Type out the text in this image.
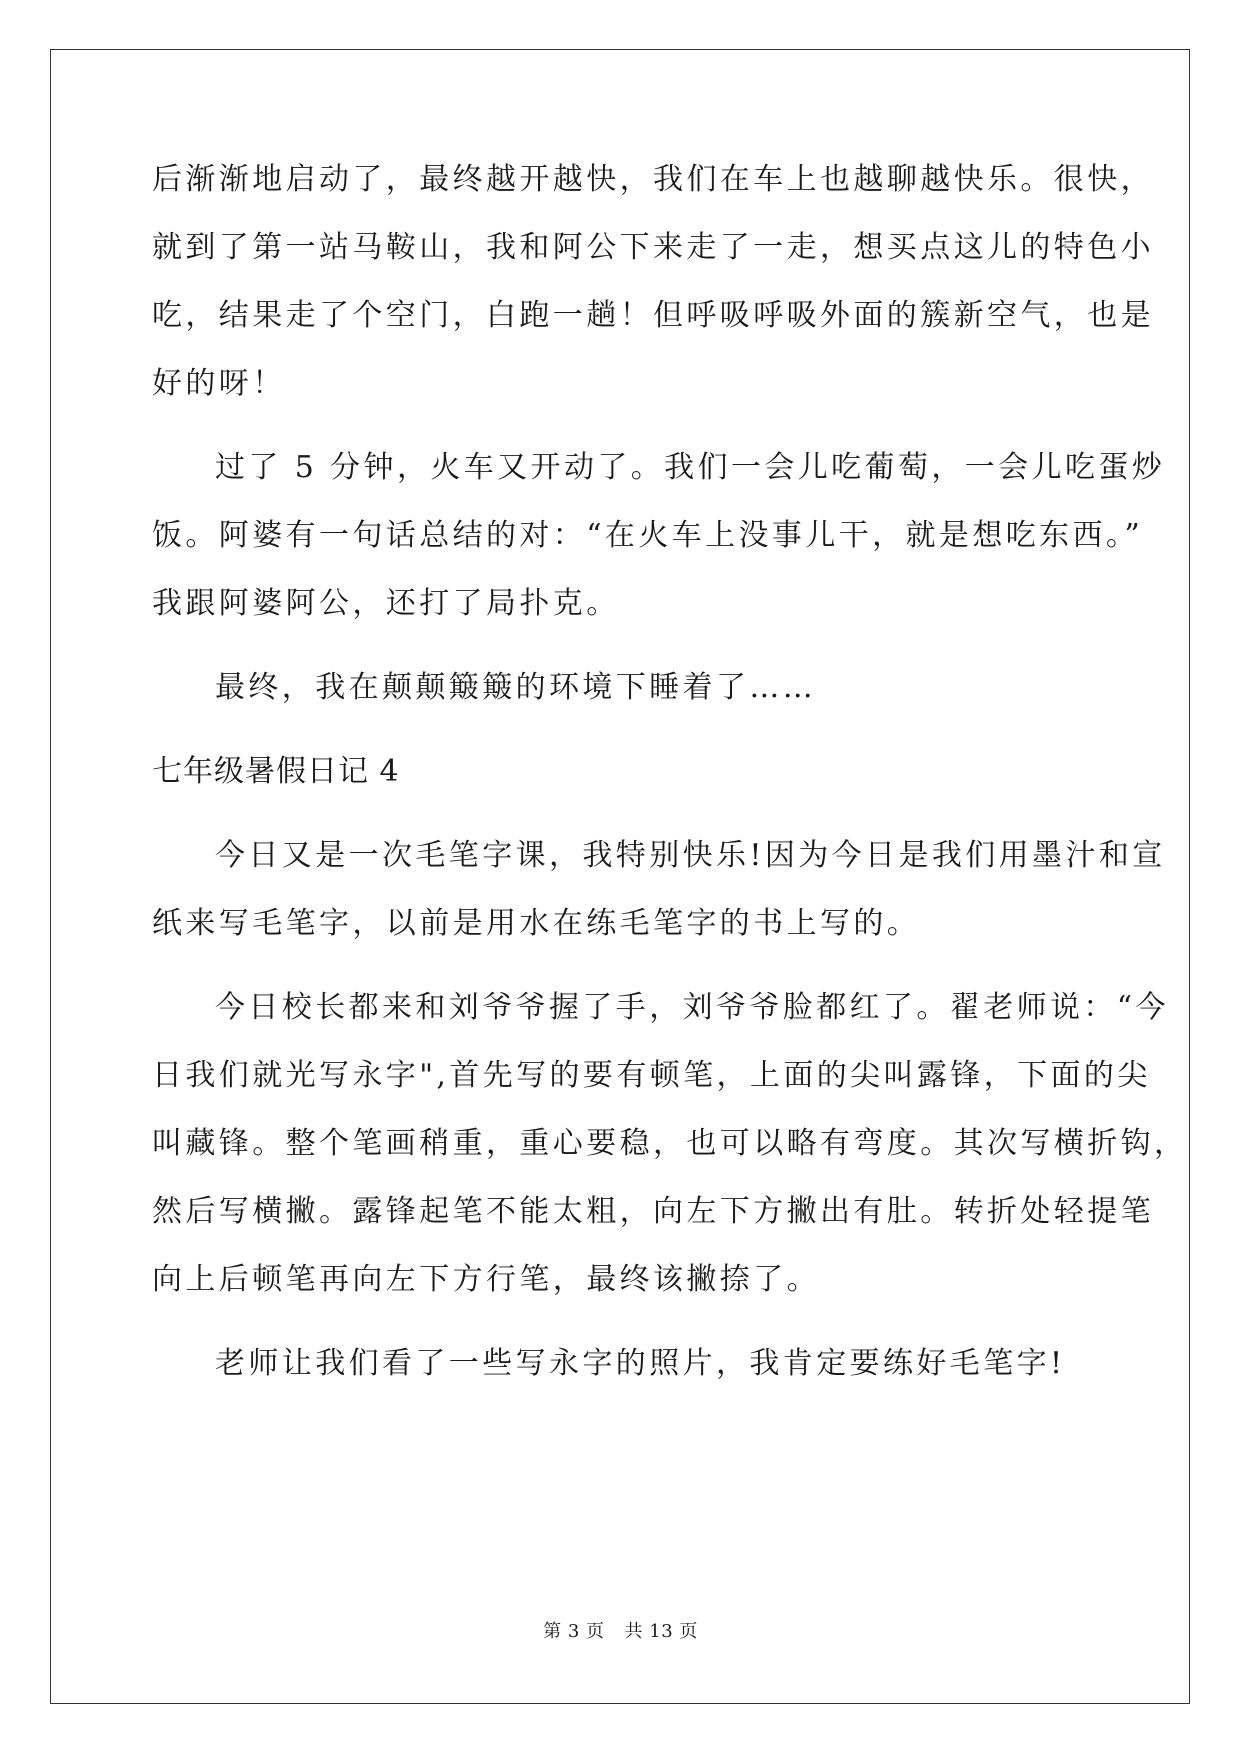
后渐渐地启动了，最终越开越快，我们在车上也越聊越快乐。很快，
就到了第一站马鞍山，我和阿公下来走了一走，想买点这儿的特色小
吃，结果走了个空门，白跑一趟！但呼吸呼吸外面的簇新空气，也是
好的呀！
过了 5 分钟，火车又开动了。我们一会儿吃葡萄，一会儿吃蛋炒
饭。阿婆有一句话总结的对：“在火车上没事儿干，就是想吃东西。”
我跟阿婆阿公，还打了局扑克。
最终，我在颠颠簸簸的环境下睡着了……
七年级暑假日记 4
今日又是一次毛笔字课，我特别快乐!因为今日是我们用墨汁和宣
纸来写毛笔字，以前是用水在练毛笔字的书上写的。
今日校长都来和刘爷爷握了手，刘爷爷脸都红了。翟老师说：“今
日我们就光写永字",首先写的要有顿笔，上面的尖叫露锋，下面的尖
叫藏锋。整个笔画稍重，重心要稳，也可以略有弯度。其次写横折钩，
然后写横撇。露锋起笔不能太粗，向左下方撇出有肚。转折处轻提笔
向上后顿笔再向左下方行笔，最终该撇捺了。
老师让我们看了一些写永字的照片，我肯定要练好毛笔字!
第 3 页 共 13 页
